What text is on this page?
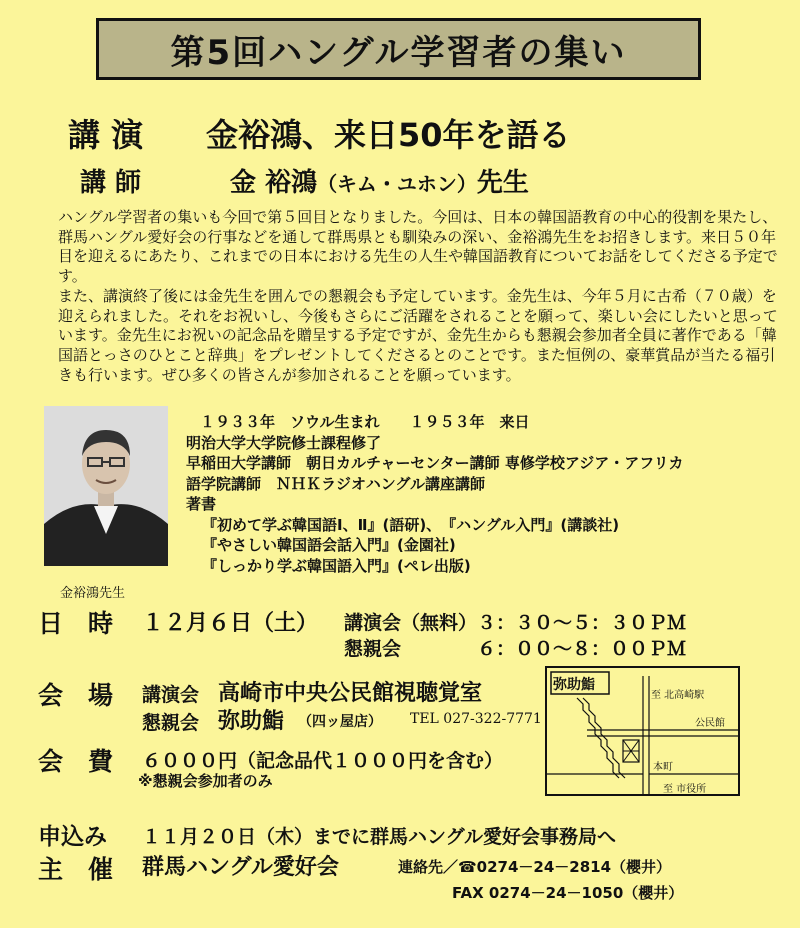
第5回ハングル学習者の集い
講 演 金裕鴻、来日50年を語る
講 師	金 裕鴻（キム・ユホン）先生

ハングル学習者の集いも今回で第５回目となりました。今回は、日本の韓国語教育の中心的役割を果たし、群馬ハングル愛好会の行事などを通して群馬県とも馴染みの深い、金裕鴻先生をお招きします。来日５０年目を迎えるにあたり、これまでの日本における先生の人生や韓国語教育についてお話をしてくださる予定です。

また、講演終了後には金先生を囲んでの懇親会も予定しています。金先生は、今年５月に古希（７０歳）を迎えられました。それをお祝いし、今後もさらにご活躍をされることを願って、楽しい会にしたいと思っています。金先生にお祝いの記念品を贈呈する予定ですが、金先生からも懇親会参加者全員に著作である「韓国語とっさのひとこと辞典」をプレゼントしてくださるとのことです。また恒例の、豪華賞品が当たる福引きも行います。ぜひ多くの皆さんが参加されることを願っています。

金裕鴻先生
１９３３年　ソウル生まれ　　１９５３年　来日
明治大学大学院修士課程修了
早稲田大学講師　朝日カルチャーセンター講師 専修学校アジア・アフリカ
語学院講師　ＮＨＫラジオハングル講座講師
著書
『初めて学ぶ韓国語Ⅰ、Ⅱ』(語研)、　『ハングル入門』(講談社)
『やさしい韓国語会話入門』(金園社)
『しっかり学ぶ韓国語入門』(ペレ出版)
日　時 １２月６日（土） 講演会（無料）３：３０～５：３０ＰＭ
懇親会　　　　６：００～８：００ＰＭ
会　場 講演会 高崎市中央公民館視聴覚室
懇親会 弥助鮨 （四ッ屋店） TEL 027-322-7771
弥助鮨
至 北高崎駅
公民館
本町
至 市役所
会　費 ６０００円（記念品代１０００円を含む）
※懇親会参加者のみ
申込み １１月２０日（木）までに群馬ハングル愛好会事務局へ
主　催 群馬ハングル愛好会	連絡先／☎0274－24－2814（櫻井）
FAX 0274－24－1050（櫻井）
